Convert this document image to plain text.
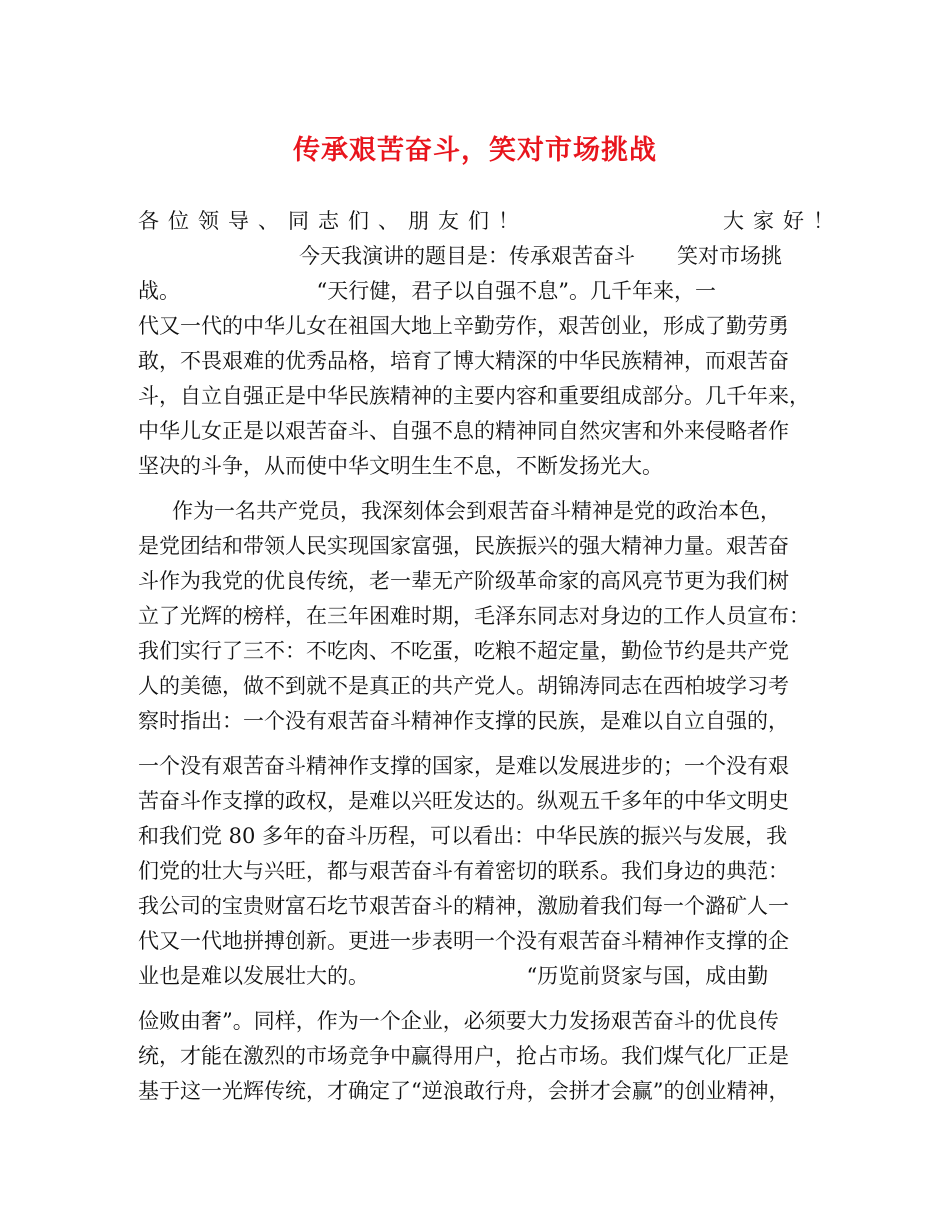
传承艰苦奋斗，笑对市场挑战
各位领导、同志们、朋友们！	大家好！
今天我演讲的题目是：传承艰苦奋斗　　笑对市场挑
战。　　　　　　　“天行健，君子以自强不息”。几千年来，一
代又一代的中华儿女在祖国大地上辛勤劳作，艰苦创业，形成了勤劳勇
敢，不畏艰难的优秀品格，培育了博大精深的中华民族精神，而艰苦奋
斗，自立自强正是中华民族精神的主要内容和重要组成部分。几千年来，
中华儿女正是以艰苦奋斗、自强不息的精神同自然灾害和外来侵略者作
坚决的斗争，从而使中华文明生生不息，不断发扬光大。
作为一名共产党员，我深刻体会到艰苦奋斗精神是党的政治本色，
是党团结和带领人民实现国家富强，民族振兴的强大精神力量。艰苦奋
斗作为我党的优良传统，老一辈无产阶级革命家的高风亮节更为我们树
立了光辉的榜样，在三年困难时期，毛泽东同志对身边的工作人员宣布：
我们实行了三不：不吃肉、不吃蛋，吃粮不超定量，勤俭节约是共产党
人的美德，做不到就不是真正的共产党人。胡锦涛同志在西柏坡学习考
察时指出：一个没有艰苦奋斗精神作支撑的民族，是难以自立自强的，
一个没有艰苦奋斗精神作支撑的国家，是难以发展进步的；一个没有艰
苦奋斗作支撑的政权，是难以兴旺发达的。纵观五千多年的中华文明史
和我们党 80 多年的奋斗历程，可以看出：中华民族的振兴与发展，我
们党的壮大与兴旺，都与艰苦奋斗有着密切的联系。我们身边的典范：
我公司的宝贵财富石圪节艰苦奋斗的精神，激励着我们每一个潞矿人一
代又一代地拼搏创新。更进一步表明一个没有艰苦奋斗精神作支撑的企
业也是难以发展壮大的。　　　　　　　　“历览前贤家与国，成由勤
俭败由奢”。同样，作为一个企业，必须要大力发扬艰苦奋斗的优良传
统，才能在激烈的市场竞争中赢得用户，抢占市场。我们煤气化厂正是
基于这一光辉传统，才确定了“逆浪敢行舟，会拼才会赢”的创业精神，
